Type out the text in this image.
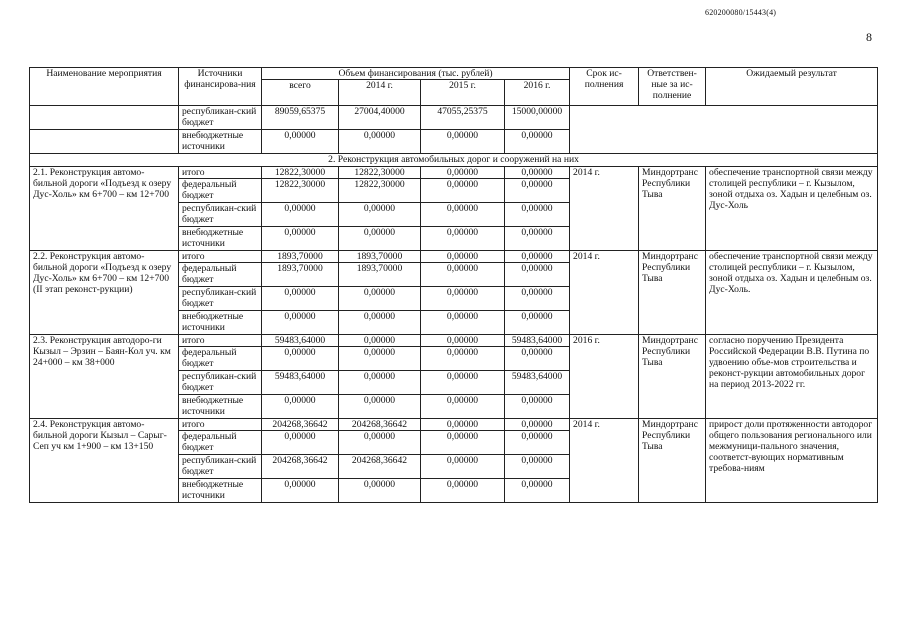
620200080/15443(4)
8
Наименование мероприятия	Источники финансирова-ния	Объем финансирования (тыс. рублей)				Срок ис-полнения	Ответствен-ные за ис-полнение	Ожидаемый результат
		всего	2014 г.	2015 г.	2016 г.			
	республикан-ский бюджет	89059,65375	27004,40000	47055,25375	15000,00000			
	внебюджетные источники	0,00000	0,00000	0,00000	0,00000			
2. Реконструкция автомобильных дорог и сооружений на них								
2.1. Реконструкция автомо-бильной дороги «Подъезд к озеру Дус-Холь» км 6+700 – км 12+700	итого	12822,30000	12822,30000	0,00000	0,00000	2014 г.	Миндортранс Республики Тыва	обеспечение транспортной связи между столицей республики – г. Кызылом, зоной отдыха оз. Хадын и целебным оз. Дус-Холь
	федеральный бюджет	12822,30000	12822,30000	0,00000	0,00000			
	республикан-ский бюджет	0,00000	0,00000	0,00000	0,00000			
	внебюджетные источники	0,00000	0,00000	0,00000	0,00000			
2.2. Реконструкция автомо-бильной дороги «Подъезд к озеру Дус-Холь» км 6+700 – км 12+700 (II этап реконст-рукции)	итого	1893,70000	1893,70000	0,00000	0,00000	2014 г.	Миндортранс Республики Тыва	обеспечение транспортной связи между столицей республики – г. Кызылом, зоной отдыха оз. Хадын и целебным оз. Дус-Холь.
	федеральный бюджет	1893,70000	1893,70000	0,00000	0,00000			
	республикан-ский бюджет	0,00000	0,00000	0,00000	0,00000			
	внебюджетные источники	0,00000	0,00000	0,00000	0,00000			
2.3. Реконструкция автодоро-ги Кызыл – Эрзин – Баян-Кол уч. км 24+000 – км 38+000	итого	59483,64000	0,00000	0,00000	59483,64000	2016 г.	Миндортранс Республики Тыва	согласно поручению Президента Российской Федерации В.В. Путина по удвоению объе-мов строительства и реконст-рукции автомобильных дорог на период 2013-2022 гг.
	федеральный бюджет	0,00000	0,00000	0,00000	0,00000			
	республикан-ский бюджет	59483,64000	0,00000	0,00000	59483,64000			
	внебюджетные источники	0,00000	0,00000	0,00000	0,00000			
2.4. Реконструкция автомо-бильной дороги Кызыл – Сарыг-Сеп уч км 1+900 – км 13+150	итого	204268,36642	204268,36642	0,00000	0,00000	2014 г.	Миндортранс Республики Тыва	прирост доли протяженности автодорог общего пользования регионального или межмуници-пального значения, соответст-вующих нормативным требова-ниям
	федеральный бюджет	0,00000	0,00000	0,00000	0,00000			
	республикан-ский бюджет	204268,36642	204268,36642	0,00000	0,00000			
	внебюджетные источники	0,00000	0,00000	0,00000	0,00000			
